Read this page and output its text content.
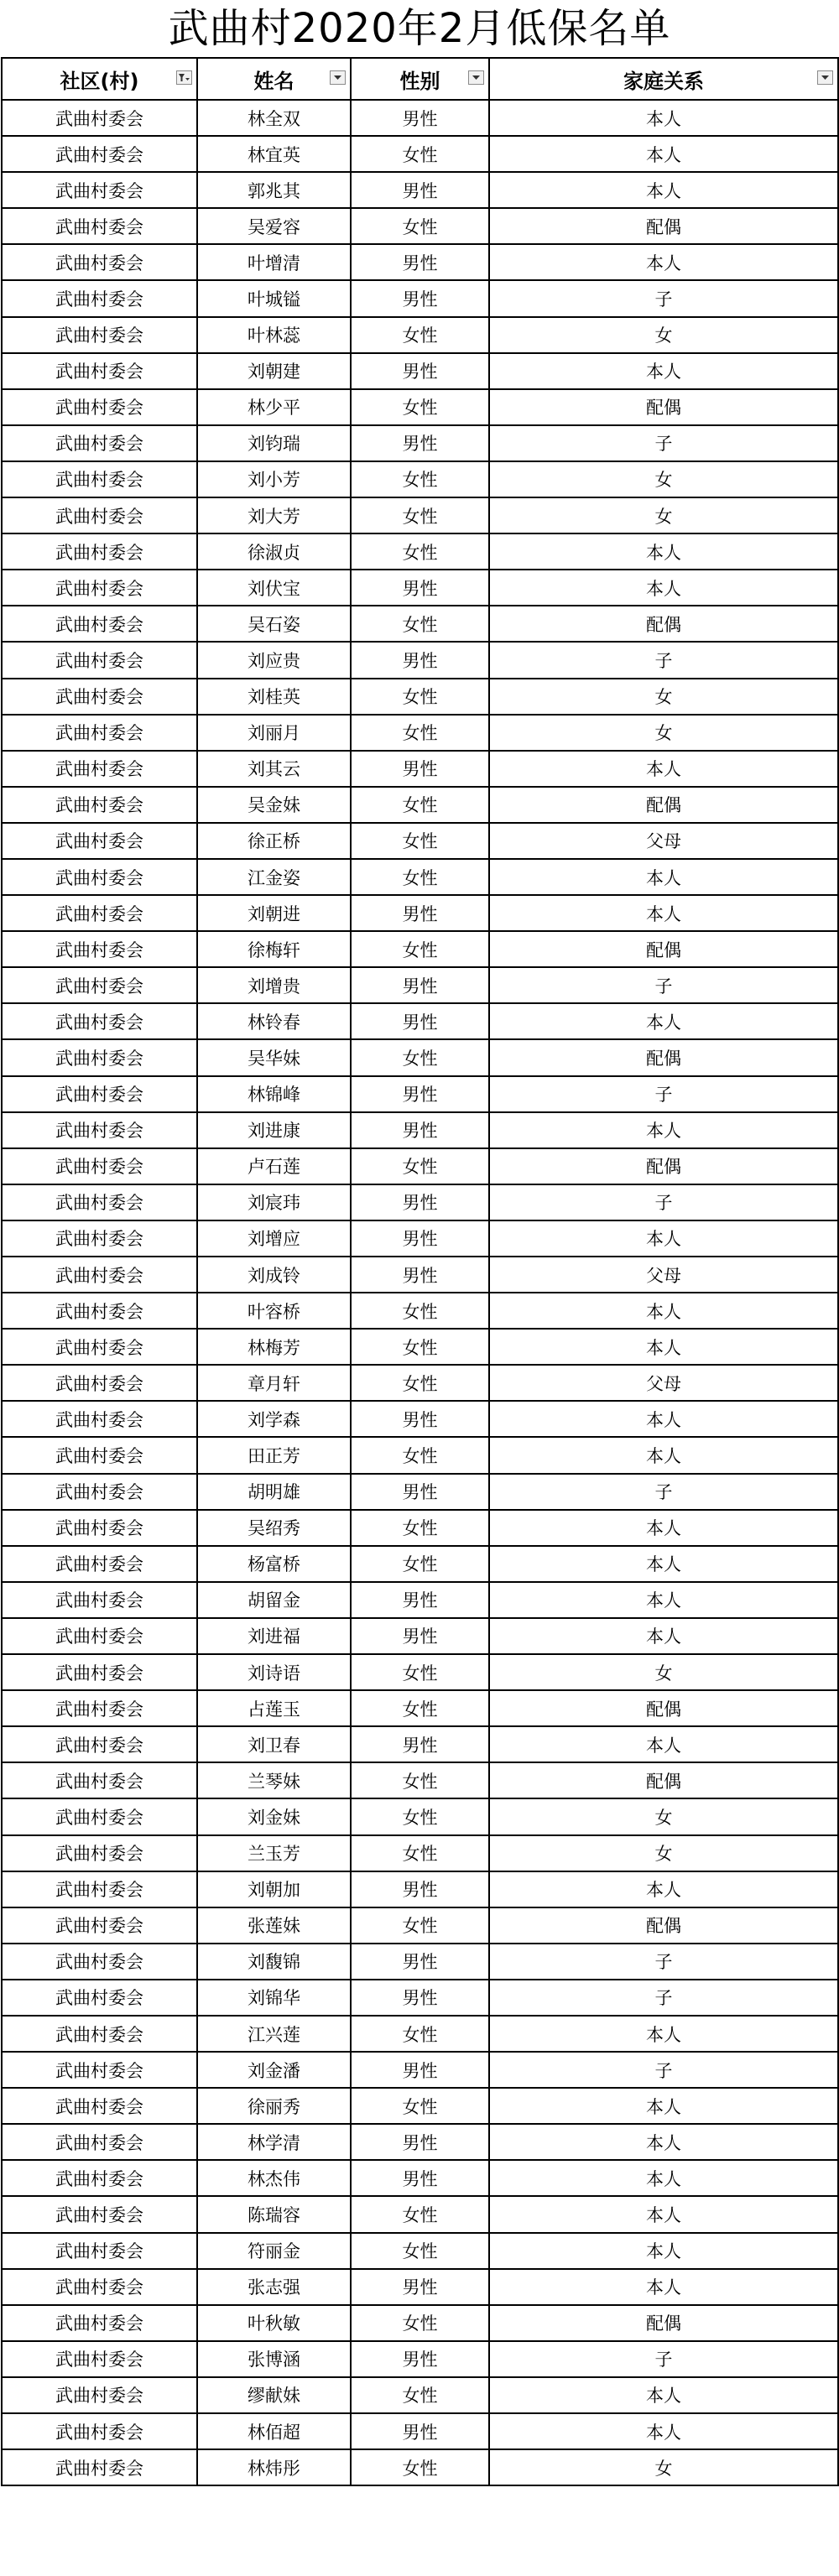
武曲村2020年2月低保名单
社区(村)	姓名	性别	家庭关系

武曲村委会	林全双	男性	本人
武曲村委会	林宜英	女性	本人
武曲村委会	郭兆其	男性	本人
武曲村委会	吴爱容	女性	配偶
武曲村委会	叶增清	男性	本人
武曲村委会	叶城镒	男性	子
武曲村委会	叶林蕊	女性	女
武曲村委会	刘朝建	男性	本人
武曲村委会	林少平	女性	配偶
武曲村委会	刘钧瑞	男性	子
武曲村委会	刘小芳	女性	女
武曲村委会	刘大芳	女性	女
武曲村委会	徐淑贞	女性	本人
武曲村委会	刘伏宝	男性	本人
武曲村委会	吴石姿	女性	配偶
武曲村委会	刘应贵	男性	子
武曲村委会	刘桂英	女性	女
武曲村委会	刘丽月	女性	女
武曲村委会	刘其云	男性	本人
武曲村委会	吴金妹	女性	配偶
武曲村委会	徐正桥	女性	父母
武曲村委会	江金姿	女性	本人
武曲村委会	刘朝进	男性	本人
武曲村委会	徐梅轩	女性	配偶
武曲村委会	刘增贵	男性	子
武曲村委会	林铃春	男性	本人
武曲村委会	吴华妹	女性	配偶
武曲村委会	林锦峰	男性	子
武曲村委会	刘进康	男性	本人
武曲村委会	卢石莲	女性	配偶
武曲村委会	刘宸玮	男性	子
武曲村委会	刘增应	男性	本人
武曲村委会	刘成铃	男性	父母
武曲村委会	叶容桥	女性	本人
武曲村委会	林梅芳	女性	本人
武曲村委会	章月轩	女性	父母
武曲村委会	刘学森	男性	本人
武曲村委会	田正芳	女性	本人
武曲村委会	胡明雄	男性	子
武曲村委会	吴绍秀	女性	本人
武曲村委会	杨富桥	女性	本人
武曲村委会	胡留金	男性	本人
武曲村委会	刘进福	男性	本人
武曲村委会	刘诗语	女性	女
武曲村委会	占莲玉	女性	配偶
武曲村委会	刘卫春	男性	本人
武曲村委会	兰琴妹	女性	配偶
武曲村委会	刘金妹	女性	女
武曲村委会	兰玉芳	女性	女
武曲村委会	刘朝加	男性	本人
武曲村委会	张莲妹	女性	配偶
武曲村委会	刘馥锦	男性	子
武曲村委会	刘锦华	男性	子
武曲村委会	江兴莲	女性	本人
武曲村委会	刘金潘	男性	子
武曲村委会	徐丽秀	女性	本人
武曲村委会	林学清	男性	本人
武曲村委会	林杰伟	男性	本人
武曲村委会	陈瑞容	女性	本人
武曲村委会	符丽金	女性	本人
武曲村委会	张志强	男性	本人
武曲村委会	叶秋敏	女性	配偶
武曲村委会	张博涵	男性	子
武曲村委会	缪献妹	女性	本人
武曲村委会	林佰超	男性	本人
武曲村委会	林炜彤	女性	女
